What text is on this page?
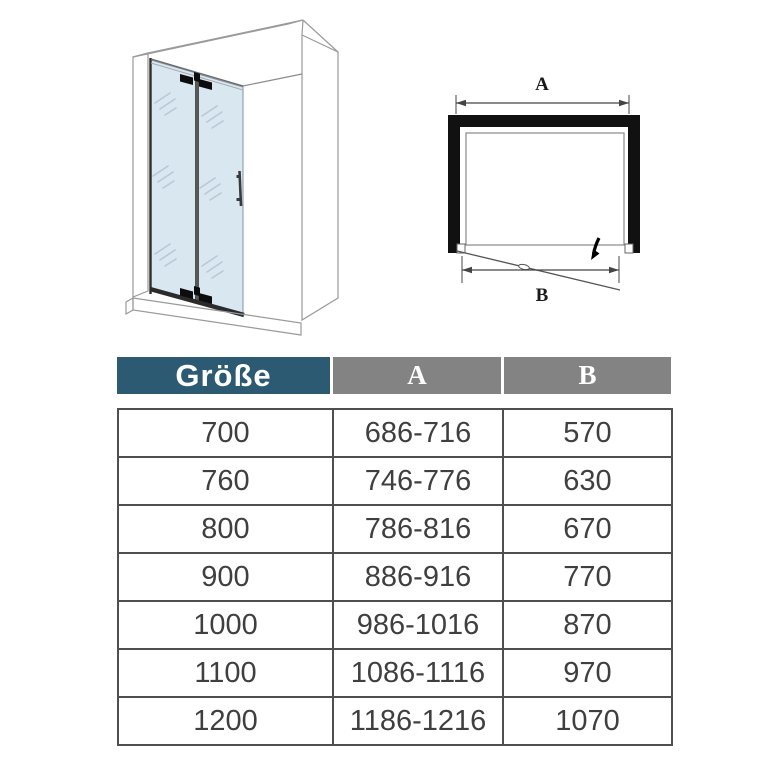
A
B
Größe	A	B
700	686-716	570
760	746-776	630
800	786-816	670
900	886-916	770
1000	986-1016	870
1100	1086-1116	970
1200	1186-1216	1070
